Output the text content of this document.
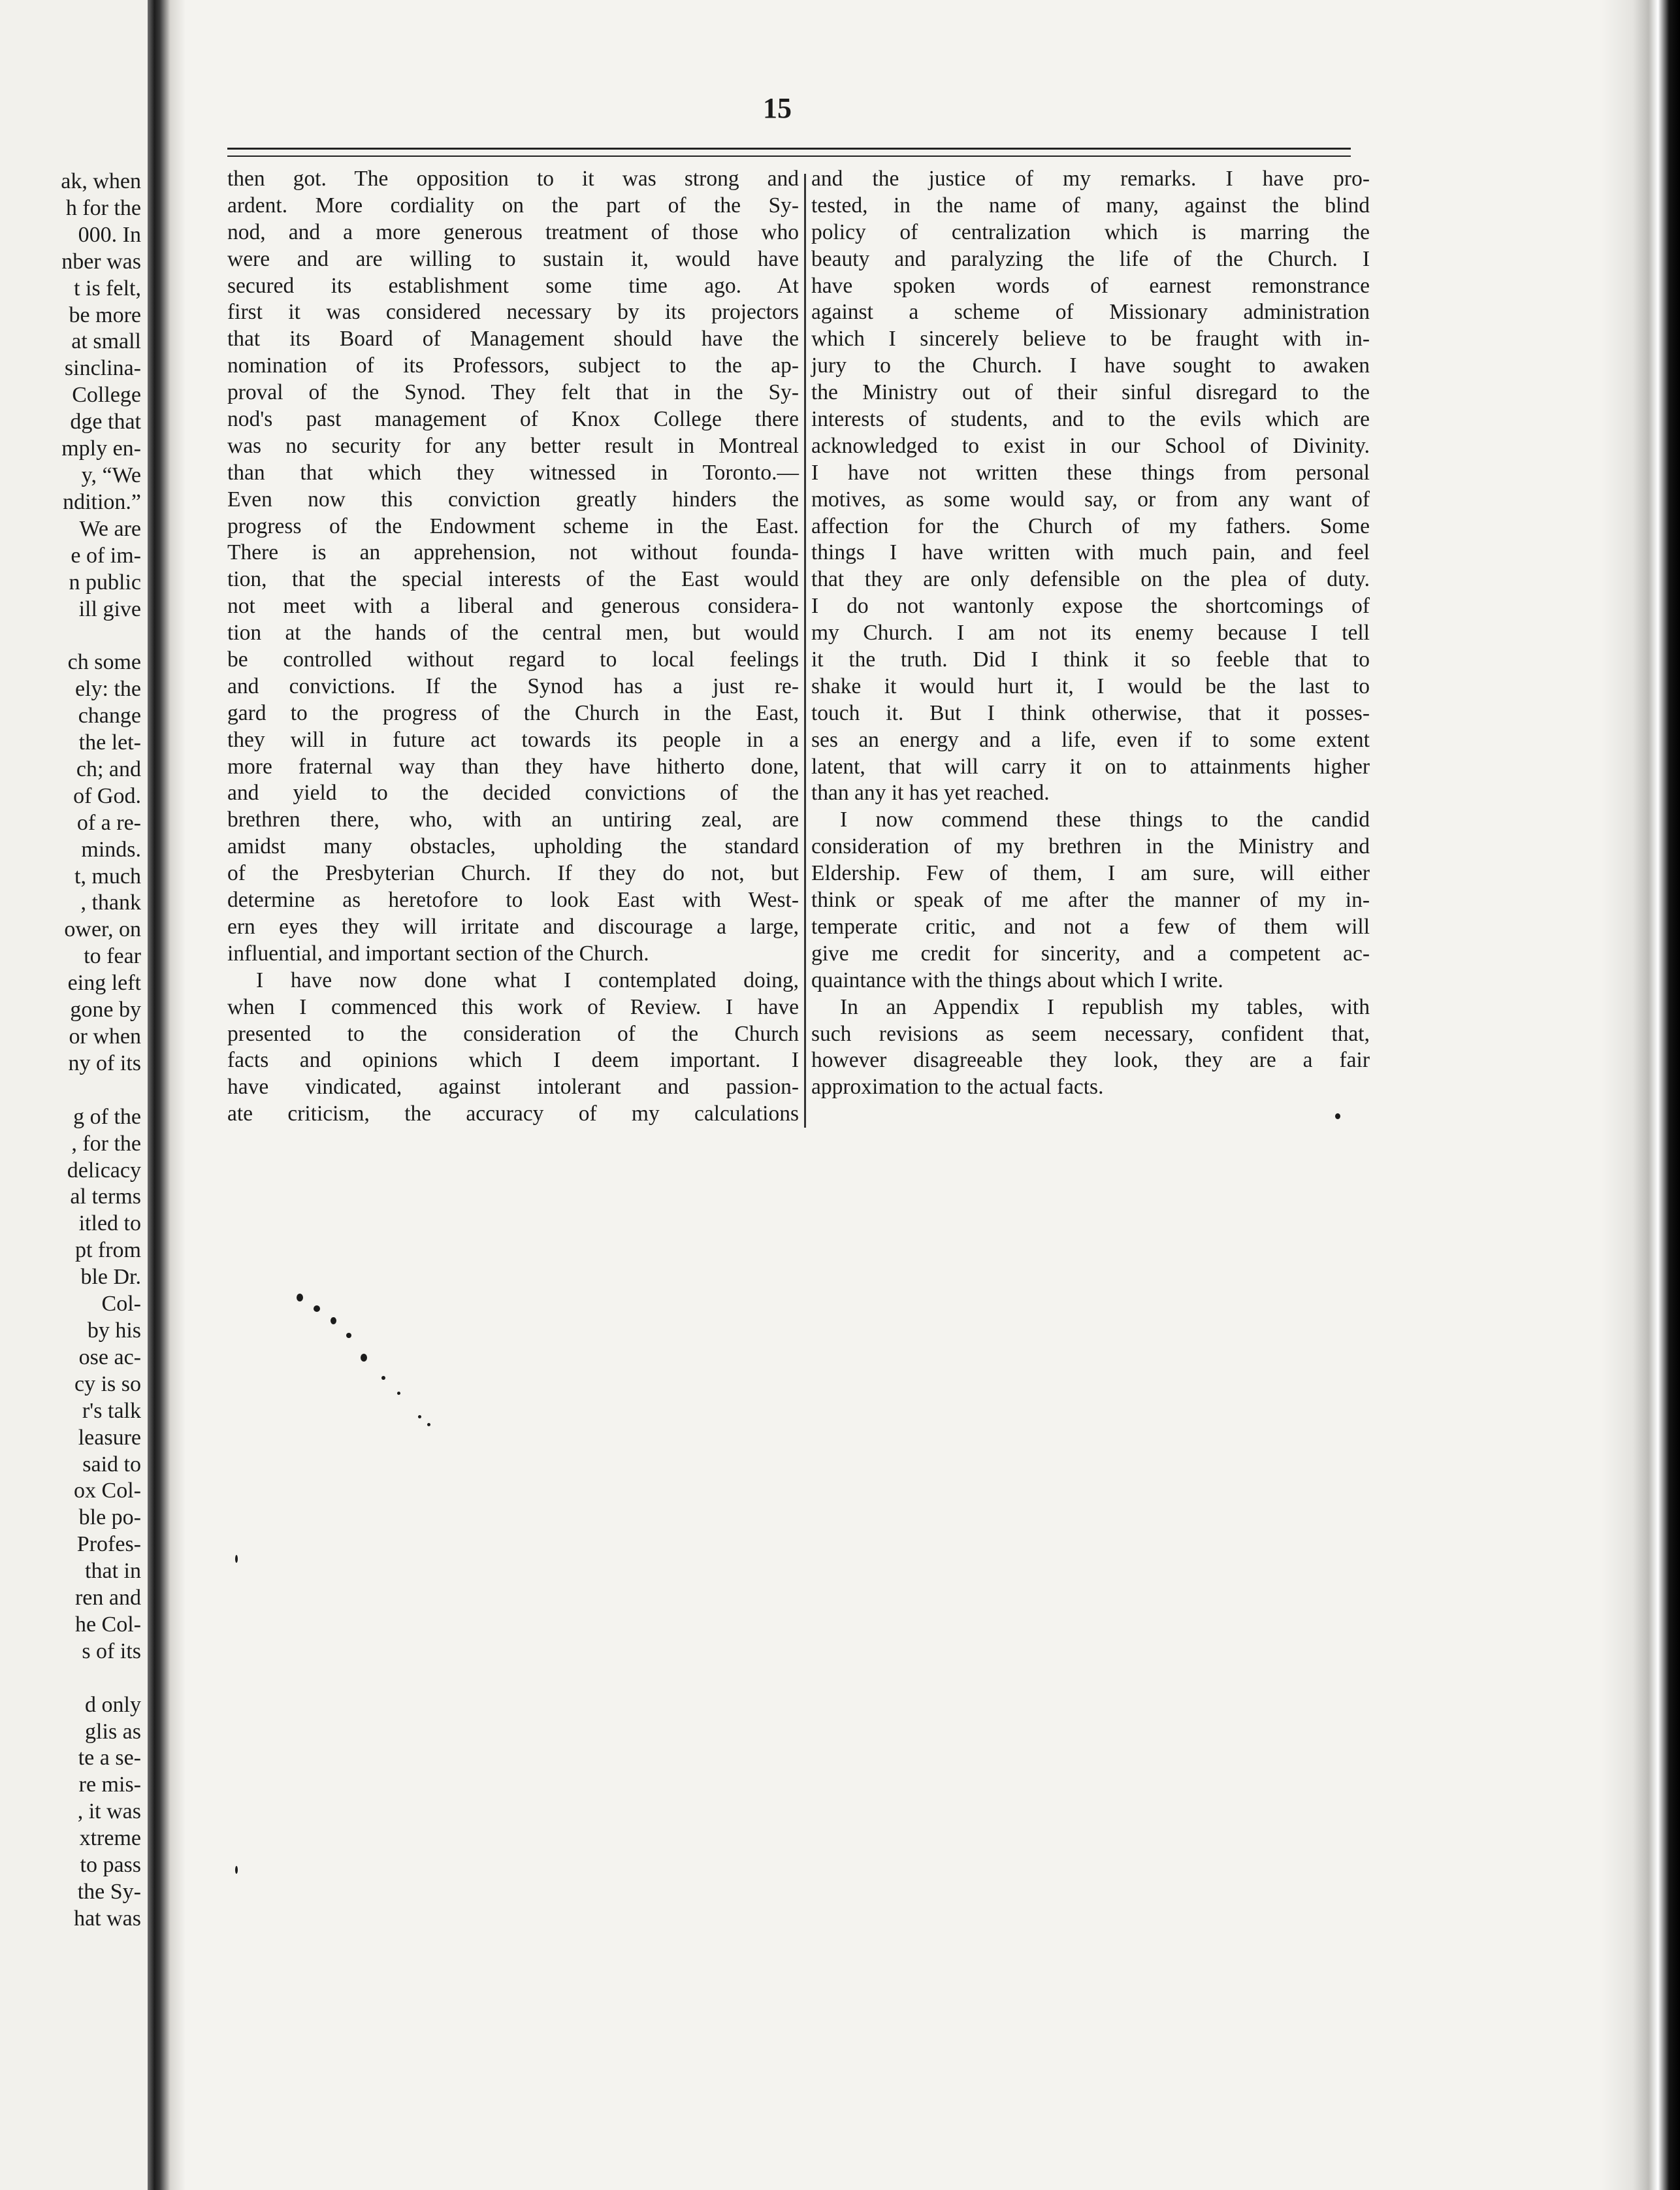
ak, when
h for the
000. In
nber was
t is felt,
be more
at small
sinclina-
College
dge that
mply en-
y, “We
ndition.”
We are
e of im-
n public
ill give

ch some
ely: the
change
the let-
ch; and
of God.
of a re-
minds.
t, much
, thank
ower, on
to fear
eing left
gone by
or when
ny of its

g of the
, for the
delicacy
al terms
itled to
pt from
ble Dr.
Col-
by his
ose ac-
cy is so
r's talk
leasure
said to
ox Col-
ble po-
Profes-
that in
ren and
he Col-
s of its

d only
glis as
te a se-
re mis-
, it was
xtreme
to pass
the Sy-
hat was
15
then got. The opposition to it was strong and
ardent. More cordiality on the part of the Sy-
nod, and a more generous treatment of those who
were and are willing to sustain it, would have
secured its establishment some time ago. At
first it was considered necessary by its projectors
that its Board of Management should have the
nomination of its Professors, subject to the ap-
proval of the Synod. They felt that in the Sy-
nod's past management of Knox College there
was no security for any better result in Montreal
than that which they witnessed in Toronto.—
Even now this conviction greatly hinders the
progress of the Endowment scheme in the East.
There is an apprehension, not without founda-
tion, that the special interests of the East would
not meet with a liberal and generous considera-
tion at the hands of the central men, but would
be controlled without regard to local feelings
and convictions. If the Synod has a just re-
gard to the progress of the Church in the East,
they will in future act towards its people in a
more fraternal way than they have hitherto done,
and yield to the decided convictions of the
brethren there, who, with an untiring zeal, are
amidst many obstacles, upholding the standard
of the Presbyterian Church. If they do not, but
determine as heretofore to look East with West-
ern eyes they will irritate and discourage a large,
influential, and important section of the Church.
I have now done what I contemplated doing,
when I commenced this work of Review. I have
presented to the consideration of the Church
facts and opinions which I deem important. I
have vindicated, against intolerant and passion-
ate criticism, the accuracy of my calculations
and the justice of my remarks. I have pro-
tested, in the name of many, against the blind
policy of centralization which is marring the
beauty and paralyzing the life of the Church. I
have spoken words of earnest remonstrance
against a scheme of Missionary administration
which I sincerely believe to be fraught with in-
jury to the Church. I have sought to awaken
the Ministry out of their sinful disregard to the
interests of students, and to the evils which are
acknowledged to exist in our School of Divinity.
I have not written these things from personal
motives, as some would say, or from any want of
affection for the Church of my fathers. Some
things I have written with much pain, and feel
that they are only defensible on the plea of duty.
I do not wantonly expose the shortcomings of
my Church. I am not its enemy because I tell
it the truth. Did I think it so feeble that to
shake it would hurt it, I would be the last to
touch it. But I think otherwise, that it posses-
ses an energy and a life, even if to some extent
latent, that will carry it on to attainments higher
than any it has yet reached.
I now commend these things to the candid
consideration of my brethren in the Ministry and
Eldership. Few of them, I am sure, will either
think or speak of me after the manner of my in-
temperate critic, and not a few of them will
give me credit for sincerity, and a competent ac-
quaintance with the things about which I write.
In an Appendix I republish my tables, with
such revisions as seem necessary, confident that,
however disagreeable they look, they are a fair
approximation to the actual facts.
